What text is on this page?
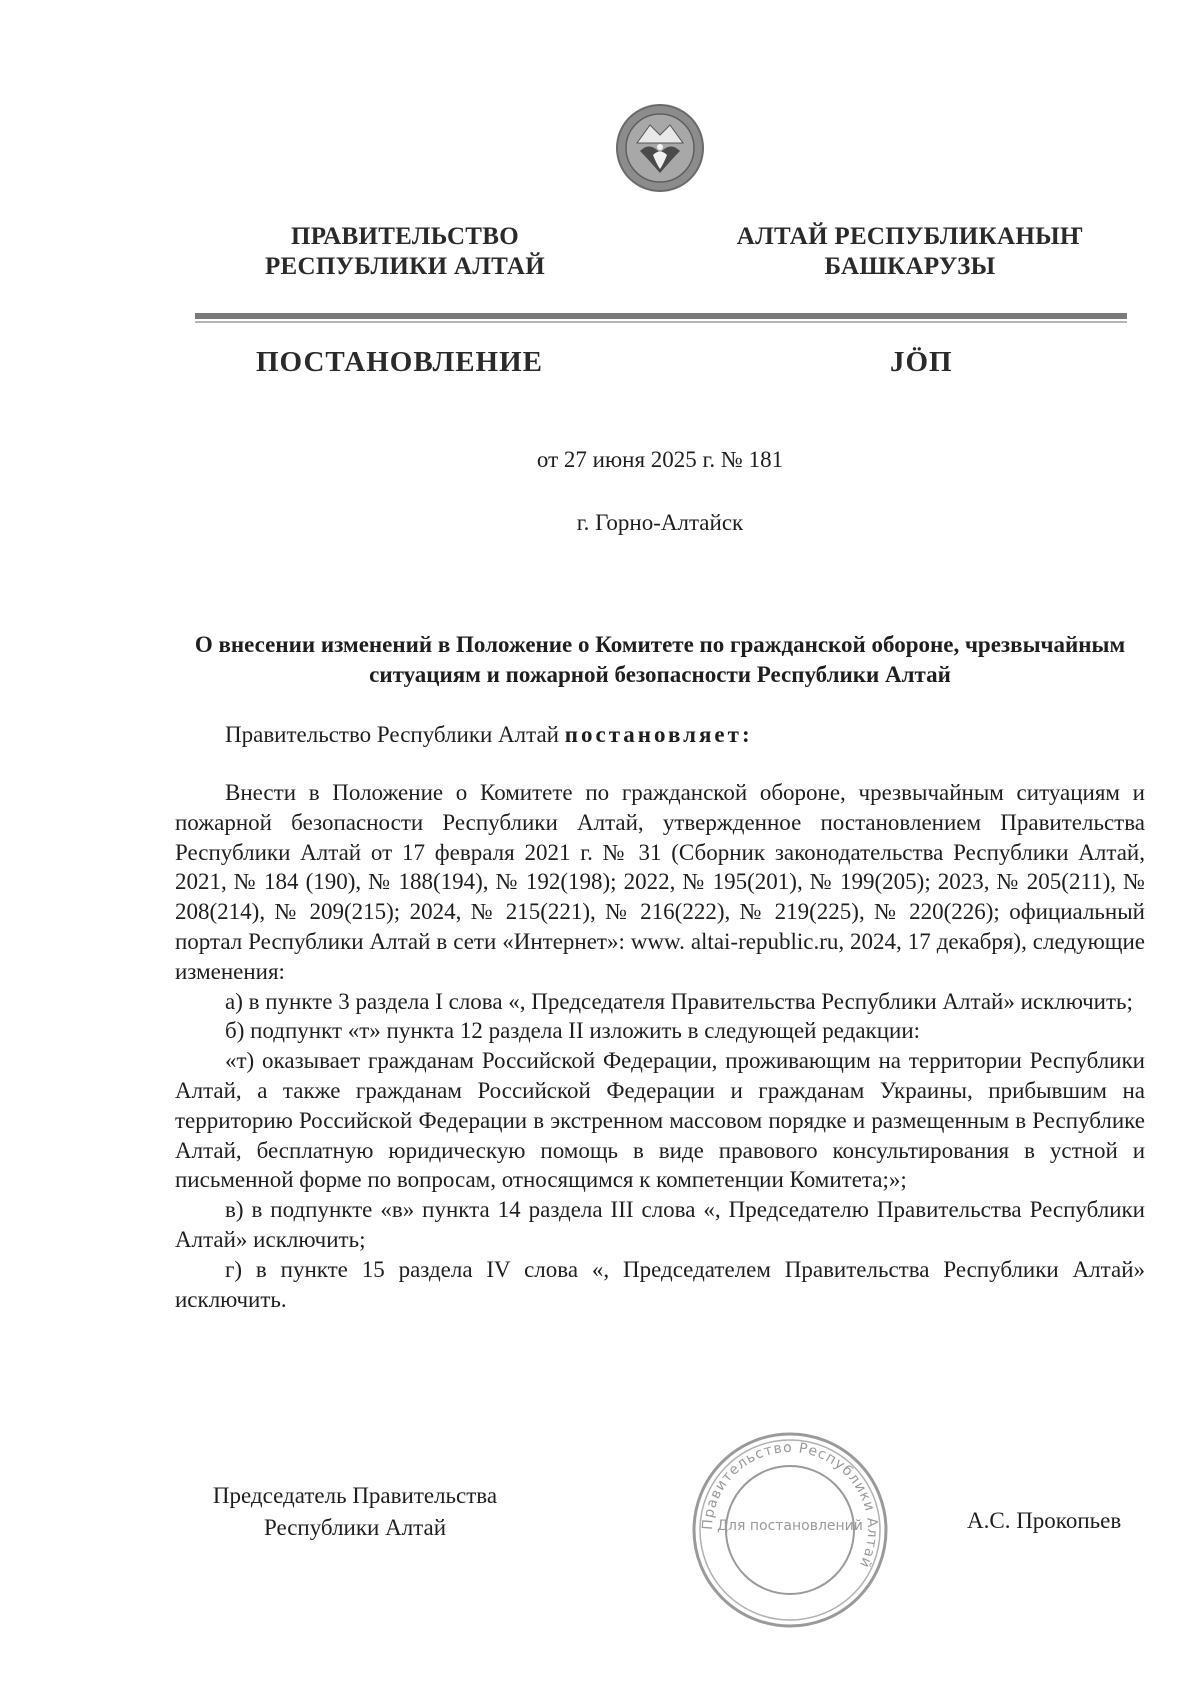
ПРАВИТЕЛЬСТВО
РЕСПУБЛИКИ АЛТАЙ
АЛТАЙ РЕСПУБЛИКАНЫҤ
БАШКАРУЗЫ
ПОСТАНОВЛЕНИЕ	JÖП
от 27 июня 2025 г. № 181
г. Горно-Алтайск
О внесении изменений в Положение о Комитете по гражданской обороне, чрезвычайным ситуациям и пожарной безопасности Республики Алтай
Правительство Республики Алтай постановляет:

Внести в Положение о Комитете по гражданской обороне, чрезвычайным ситуациям и пожарной безопасности Республики Алтай, утвержденное постановлением Правительства Республики Алтай от 17 февраля 2021 г. № 31 (Сборник законодательства Республики Алтай, 2021, № 184 (190), № 188(194), № 192(198); 2022, № 195(201), № 199(205); 2023, № 205(211), № 208(214), № 209(215); 2024, № 215(221), № 216(222), № 219(225), № 220(226); официальный портал Республики Алтай в сети «Интернет»: www. altai-republic.ru, 2024, 17 декабря), следующие изменения:

а) в пункте 3 раздела I слова «, Председателя Правительства Республики Алтай» исключить;

б) подпункт «т» пункта 12 раздела II изложить в следующей редакции:

«т) оказывает гражданам Российской Федерации, проживающим на территории Республики Алтай, а также гражданам Российской Федерации и гражданам Украины, прибывшим на территорию Российской Федерации в экстренном массовом порядке и размещенным в Республике Алтай, бесплатную юридическую помощь в виде правового консультирования в устной и письменной форме по вопросам, относящимся к компетенции Комитета;»;

в) в подпункте «в» пункта 14 раздела III слова «, Председателю Правительства Республики Алтай» исключить;

г) в пункте 15 раздела IV слова «, Председателем Правительства Республики Алтай» исключить.

Председатель Правительства
Республики Алтай	Правительство Республики Алтай
Для постановлений	А.С. Прокопьев
